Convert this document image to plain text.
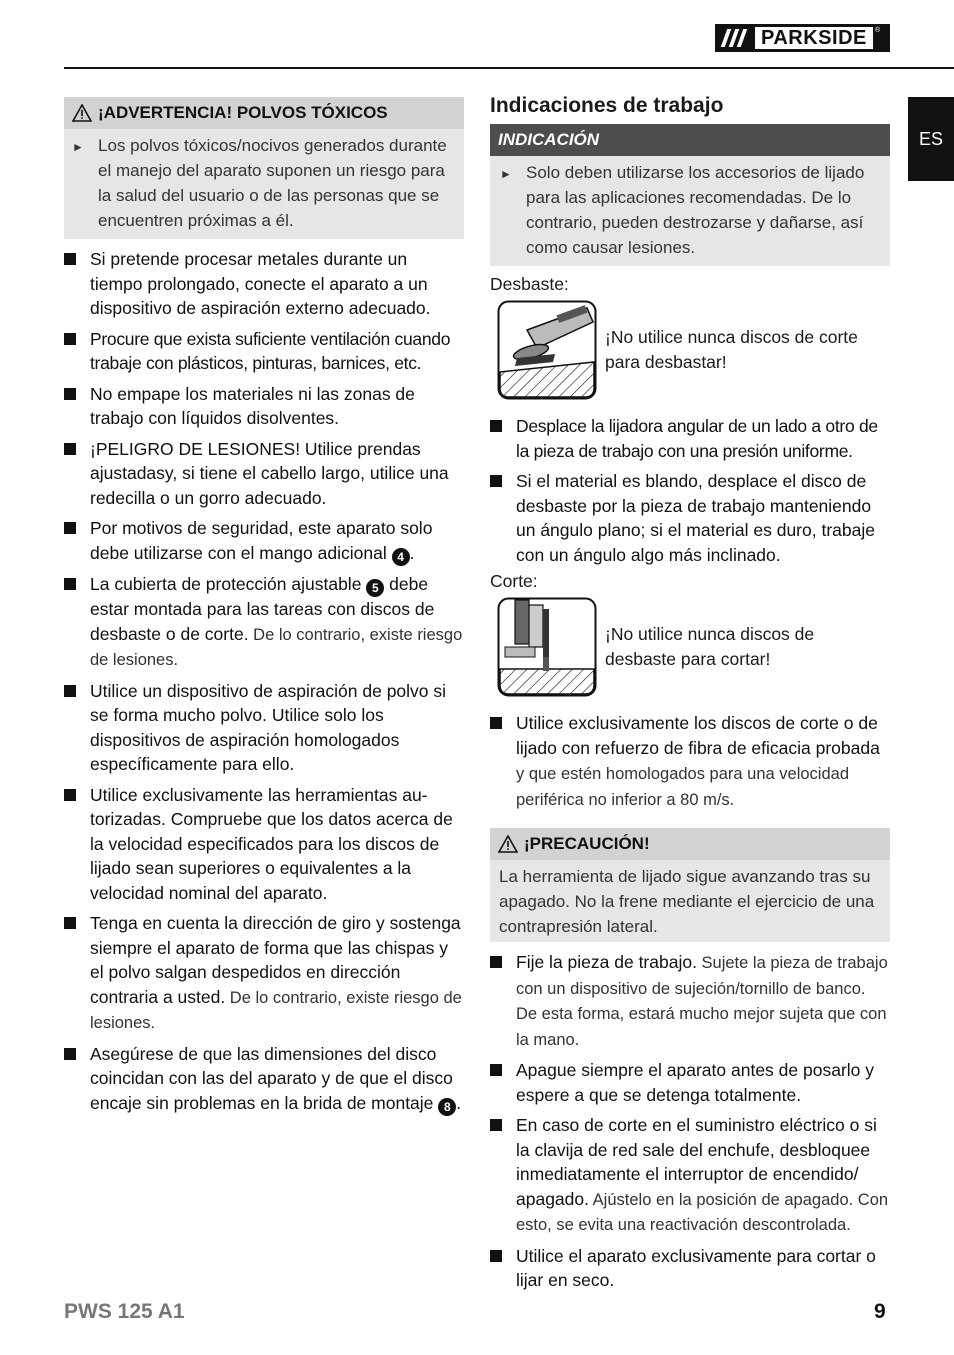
PARKSIDE	®
ES
¡ADVERTENCIA! POLVOS TÓXICOS
► Los polvos tóxicos/nocivos generados durante el manejo del aparato suponen un riesgo para la salud del usuario o de las personas que se encuentren próximas a él.
Si pretende procesar metales durante un tiempo prolongado, conecte el aparato a un dispositivo de aspiración externo adecuado.
Procure que exista suficiente ventilación cuando trabaje con plásticos, pinturas, barnices, etc.
No empape los materiales ni las zonas de trabajo con líquidos disolventes.
¡PELIGRO DE LESIONES! Utilice prendas ajustadasy, si tiene el cabello largo, utilice una redecilla o un gorro adecuado.
Por motivos de seguridad, este aparato solo debe utilizarse con el mango adicional 4 .
La cubierta de protección ajustable 5 debe estar montada para las tareas con discos de desbaste o de corte. De lo contrario, existe riesgo de lesiones.
Utilice un dispositivo de aspiración de polvo si se forma mucho polvo. Utilice solo los dispositivos de aspiración homologados específicamente para ello.
Utilice exclusivamente las herramientas au-torizadas. Compruebe que los datos acerca de la velocidad especificados para los discos de lijado sean superiores o equivalentes a la velocidad nominal del aparato.
Tenga en cuenta la dirección de giro y sostenga siempre el aparato de forma que las chispas y el polvo salgan despedidos en dirección contraria a usted. De lo contrario, existe riesgo de lesiones.
Asegúrese de que las dimensiones del disco coincidan con las del aparato y de que el disco encaje sin problemas en la brida de montaje 8 .
Indicaciones de trabajo
INDICACIÓN
► Solo deben utilizarse los accesorios de lijado para las aplicaciones recomendadas. De lo contrario, pueden destrozarse y dañarse, así como causar lesiones.
Desbaste:
¡No utilice nunca discos de corte para desbastar!
Desplace la lijadora angular de un lado a otro de la pieza de trabajo con una presión uniforme.
Si el material es blando, desplace el disco de desbaste por la pieza de trabajo manteniendo un ángulo plano; si el material es duro, trabaje con un ángulo algo más inclinado.
Corte:
¡No utilice nunca discos de desbaste para cortar!
Utilice exclusivamente los discos de corte o de lijado con refuerzo de fibra de eficacia probada y que estén homologados para una velocidad periférica no inferior a 80 m/s.
¡PRECAUCIÓN!
La herramienta de lijado sigue avanzando tras su apagado. No la frene mediante el ejercicio de una contrapresión lateral.
Fije la pieza de trabajo. Sujete la pieza de trabajo con un dispositivo de sujeción/tornillo de banco. De esta forma, estará mucho mejor sujeta que con la mano.
Apague siempre el aparato antes de posarlo y espere a que se detenga totalmente.
En caso de corte en el suministro eléctrico o si la clavija de red sale del enchufe, desbloquee inmediatamente el interruptor de encendido/ apagado. Ajústelo en la posición de apagado. Con esto, se evita una reactivación descontrolada.
Utilice el aparato exclusivamente para cortar o lijar en seco.
PWS 125 A1	9
